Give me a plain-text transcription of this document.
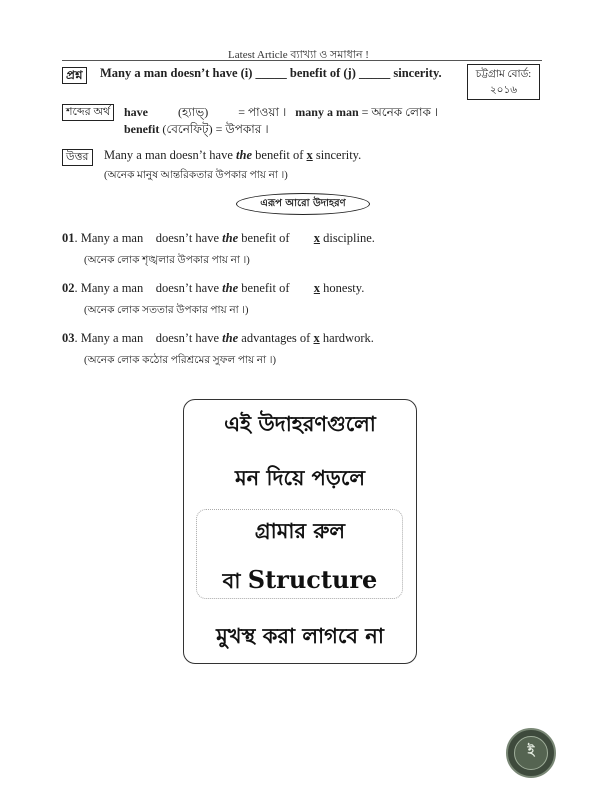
Latest Article ব্যাখ্যা ও সমাধান !
প্রশ্ন	Many a man doesn’t have (i) _____ benefit of (j) _____ sincerity.	চট্টগ্রাম বোর্ড:
২০১৬
শব্দের অর্থ	have	(হ্যাভ্)	= পাওয়া । many a man = অনেক লোক ।
benefit (বেনেফিট্) = উপকার ।
উত্তর	Many a man doesn’t have the benefit of x sincerity.
(অনেক মানুষ আন্তরিকতার উপকার পায় না ।)
এরূপ আরো উদাহরণ
01. Many a man    doesn’t have the benefit of x discipline.
(অনেক লোক শৃঙ্খলার উপকার পায় না ।)
02. Many a man    doesn’t have the benefit of x honesty.
(অনেক লোক সততার উপকার পায় না ।)
03. Many a man    doesn’t have the advantages of x hardwork.
(অনেক লোক কঠোর পরিশ্রমের সুফল পায় না ।)
এই উদাহরণগুলো
মন দিয়ে পড়লে
গ্রামার রুল
বা Structure
মুখস্থ করা লাগবে না
ই
